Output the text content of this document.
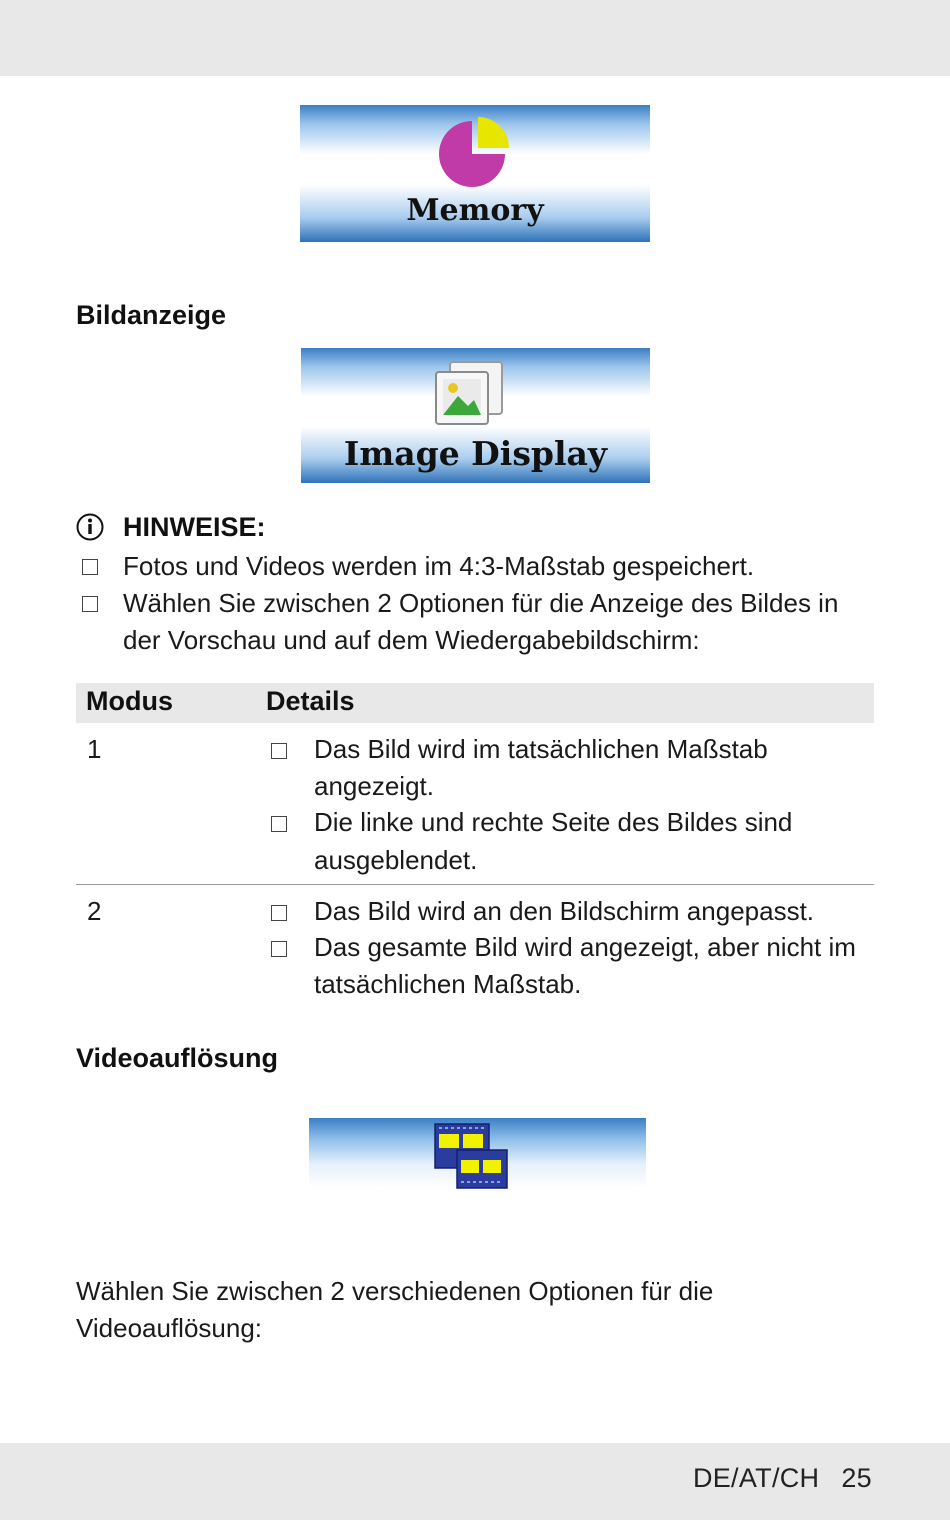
Memory
Bildanzeige
Image Display
HINWEISE:
Fotos und Videos werden im 4:3-Maßstab gespeichert.
Wählen Sie zwischen 2 Optionen für die Anzeige des Bildes in
der Vorschau und auf dem Wiedergabebildschirm:
Modus	Details
1	Das Bild wird im tatsächlichen Maßstab
angezeigt.
Die linke und rechte Seite des Bildes sind
ausgeblendet.
2	Das Bild wird an den Bildschirm angepasst.
Das gesamte Bild wird angezeigt, aber nicht im
tatsächlichen Maßstab.
Videoauflösung
Wählen Sie zwischen 2 verschiedenen Optionen für die
Videoauflösung:
DE/AT/CH 25
